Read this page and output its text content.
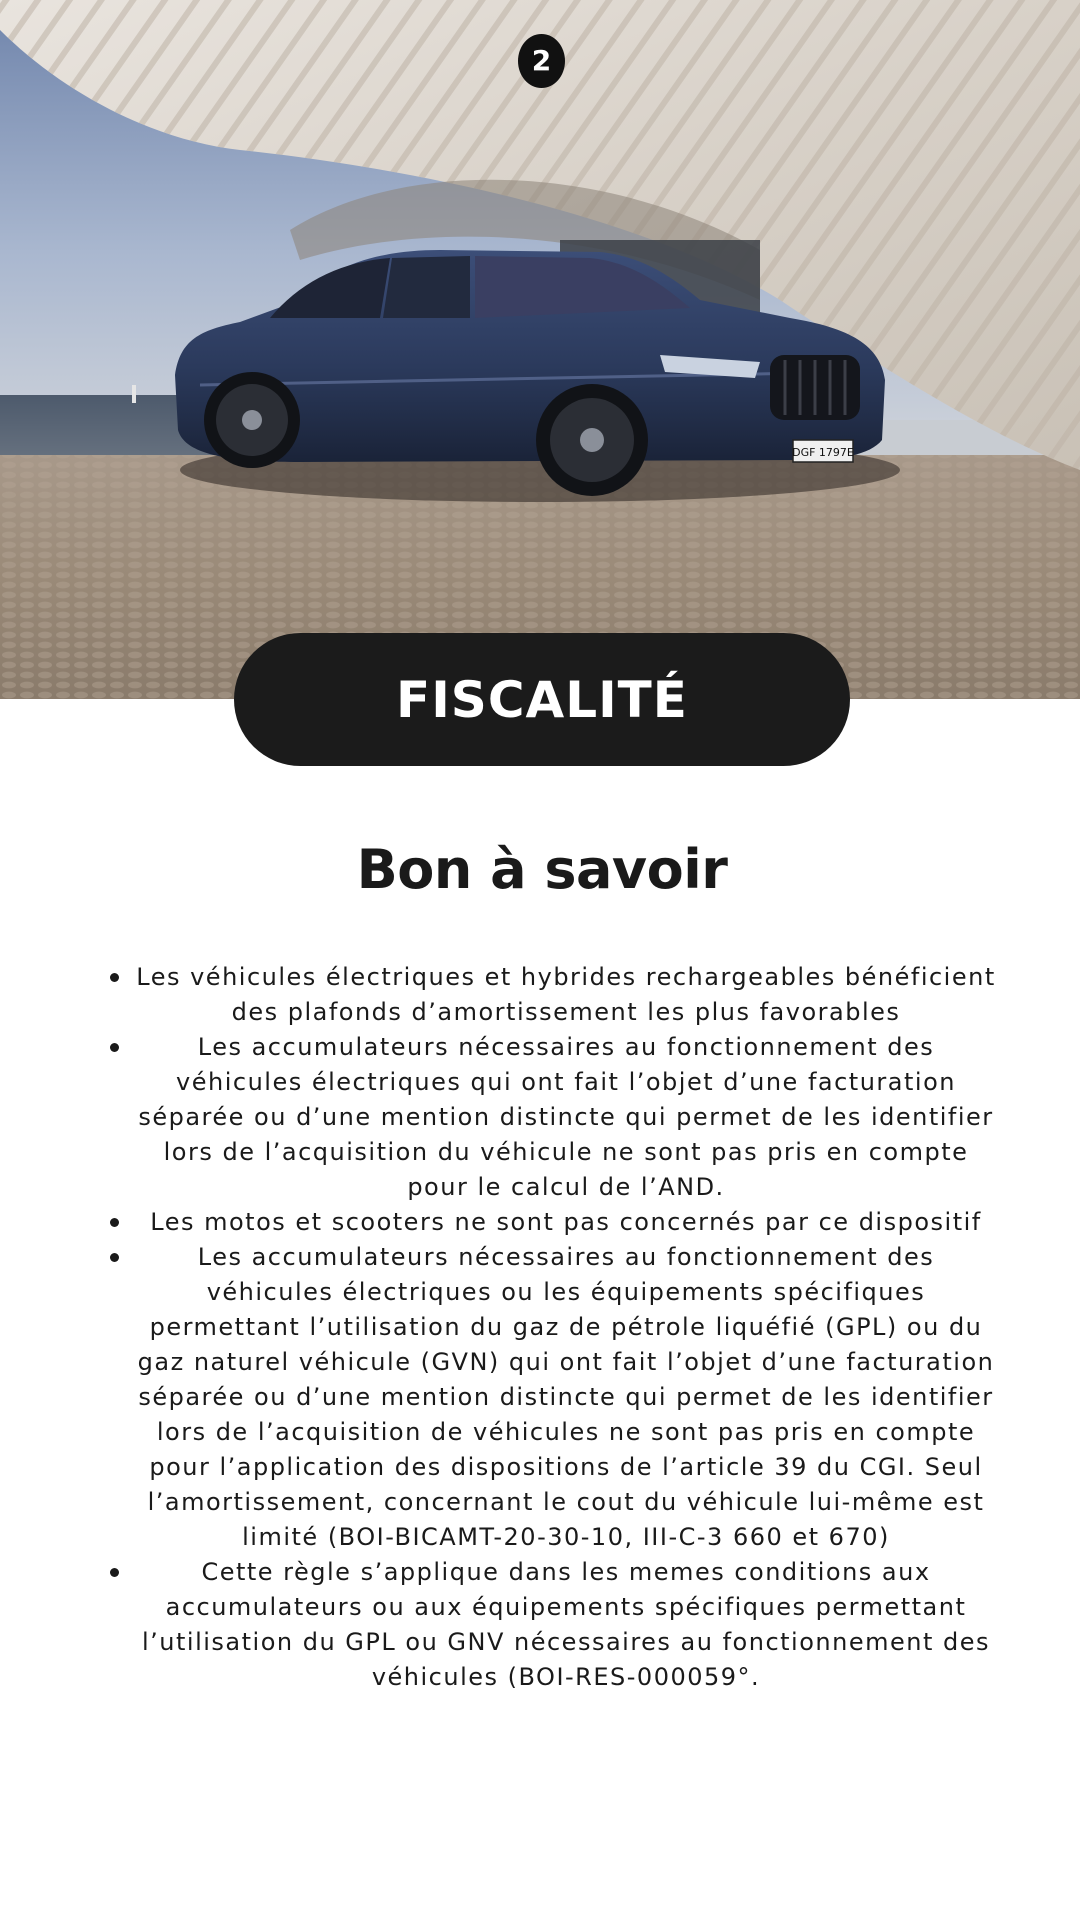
DGF 1797E
2
FISCALITÉ
Bon à savoir
Les véhicules électriques et hybrides rechargeables bénéficient des plafonds d’amortissement les plus favorables
Les accumulateurs nécessaires au fonctionnement des véhicules électriques qui ont fait l’objet d’une facturation séparée ou d’une mention distincte qui permet de les identifier lors de l’acquisition du véhicule ne sont pas pris en compte pour le calcul de l’AND.
Les motos et scooters ne sont pas concernés par ce dispositif
Les accumulateurs nécessaires au fonctionnement des véhicules électriques ou les équipements spécifiques permettant l’utilisation du gaz de pétrole liquéfié (GPL) ou du gaz naturel véhicule (GVN) qui ont fait l’objet d’une facturation séparée ou d’une mention distincte qui permet de les identifier lors de l’acquisition de véhicules ne sont pas pris en compte pour l’application des dispositions de l’article 39 du CGI. Seul l’amortissement, concernant le cout du véhicule lui-même est limité (BOI-BICAMT-20-30-10, III-C-3 660 et 670)
Cette règle s’applique dans les memes conditions aux accumulateurs ou aux équipements spécifiques permettant l’utilisation du GPL ou GNV nécessaires au fonctionnement des véhicules (BOI-RES-000059°.
